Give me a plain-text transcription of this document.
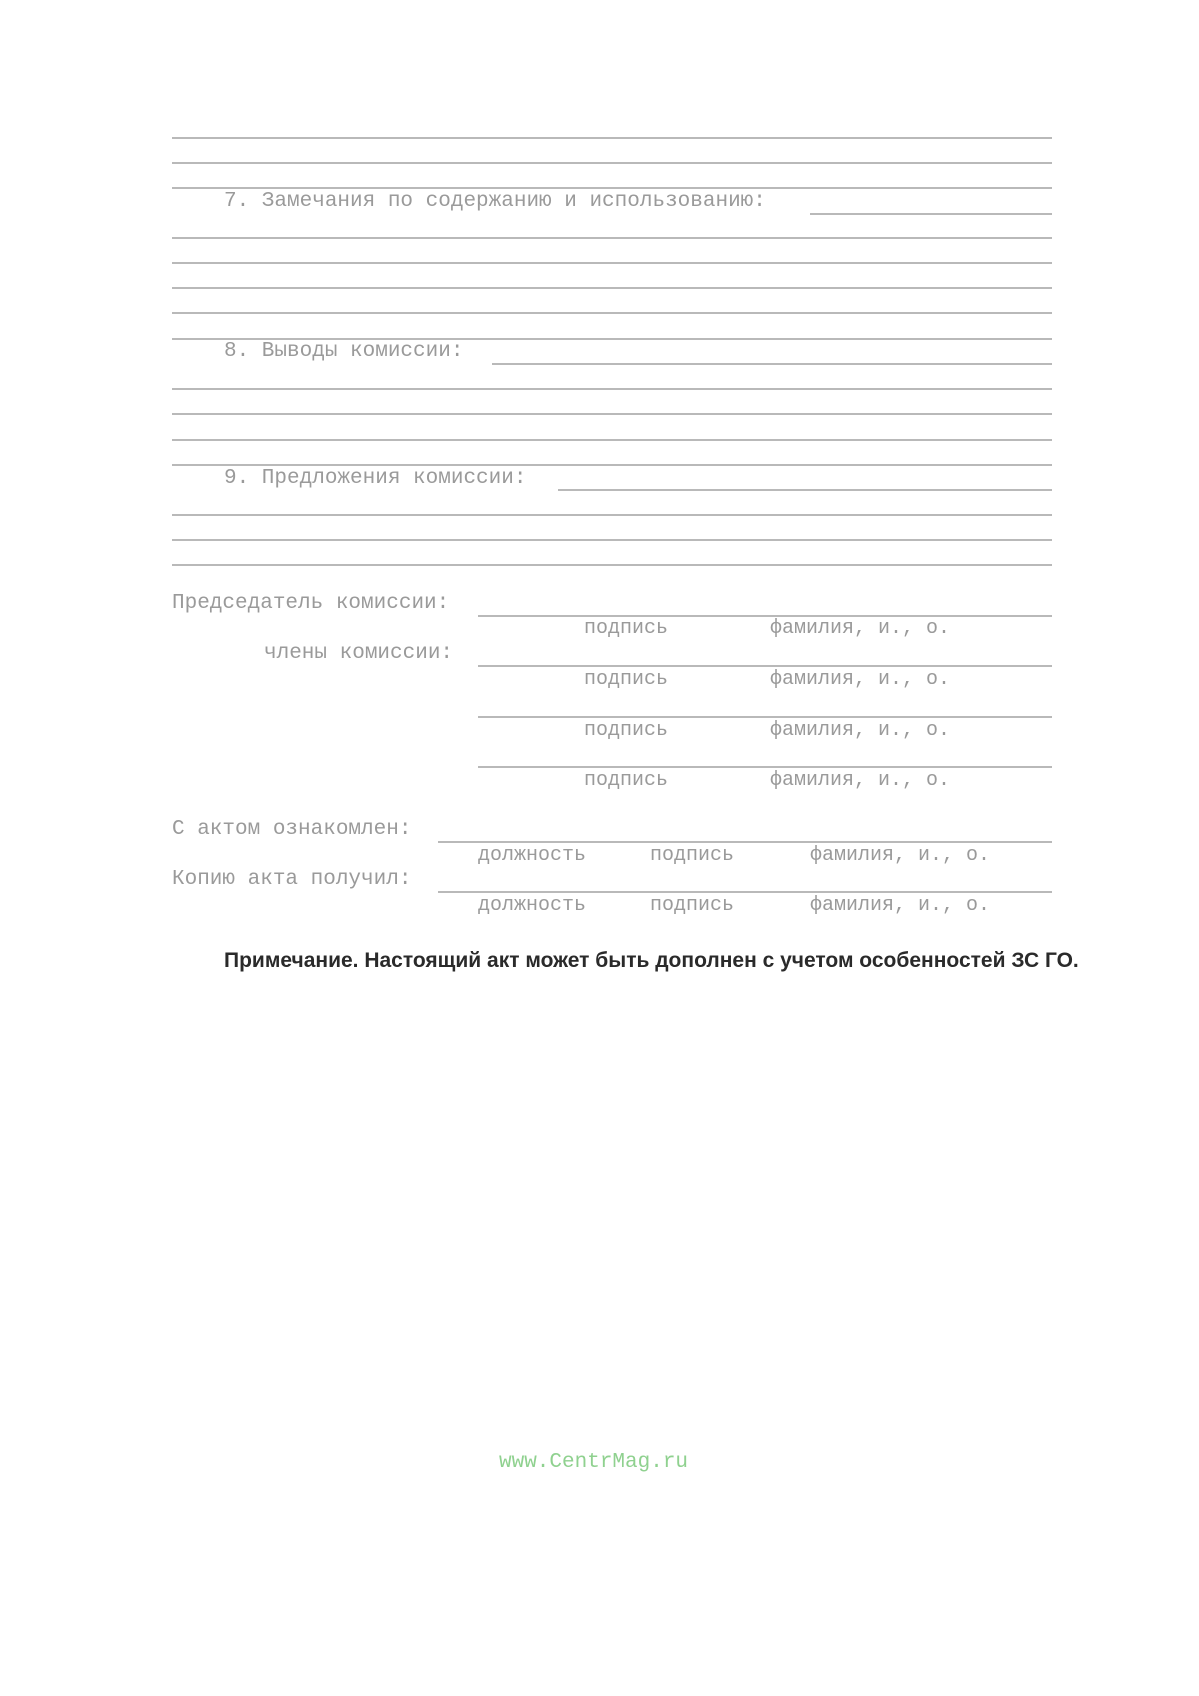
7. Замечания по содержанию и использованию:
8. Выводы комиссии:
9. Предложения комиссии:
Председатель комиссии:
подпись	фамилия, и., о.
члены комиссии:
подпись	фамилия, и., о.
подпись	фамилия, и., о.
подпись	фамилия, и., о.
С актом ознакомлен:
должность	подпись	фамилия, и., о.
Копию акта получил:
должность	подпись	фамилия, и., о.
Примечание. Настоящий акт может быть дополнен с учетом особенностей ЗС ГО.
www.CentrMag.ru
